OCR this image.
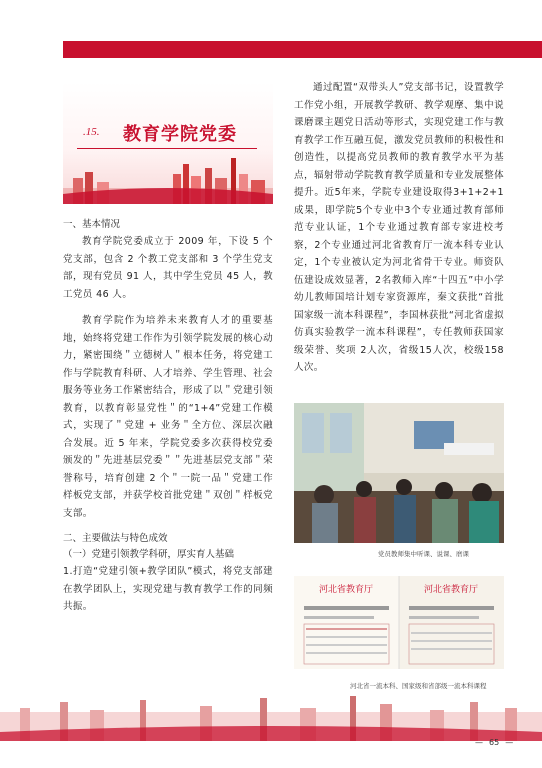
.15. 教育学院党委

一、基本情况

教育学院党委成立于 2009 年，下设 5 个党支部，包含 2 个教工党支部和 3 个学生党支部，现有党员 91 人，其中学生党员 45 人，教工党员 46 人。

教育学院作为培养未来教育人才的重要基地，始终将党建工作作为引领学院发展的核心动力，紧密围绕＂立德树人＂根本任务，将党建工作与学院教育科研、人才培养、学生管理、社会服务等业务工作紧密结合，形成了以＂党建引领教育，以教育彰显党性＂的“1+4”党建工作模式，实现了＂党建 + 业务＂全方位、深层次融合发展。近 5 年来，学院党委多次获得校党委颁发的＂先进基层党委＂＂先进基层党支部＂荣誉称号，培育创建 2 个＂一院一品＂党建工作样板党支部，并获学校首批党建＂双创＂样板党支部。

二、主要做法与特色成效

（一）党建引领教学科研，厚实育人基础

1.打造“党建引领+教学团队”模式，将党支部建在教学团队上，实现党建与教育教学工作的同频共振。

通过配置“双带头人”党支部书记，设置教学工作党小组，开展教学教研、教学观摩、集中说课磨课主题党日活动等形式，实现党建工作与教育教学工作互融互促，激发党员教师的积极性和创造性，以提高党员教师的教育教学水平为基点，辐射带动学院教育教学质量和专业发展整体提升。近5年来，学院专业建设取得3+1+2+1成果，即学院5个专业中3个专业通过教育部师范专业认证，1个专业通过教育部专家进校考察，2个专业通过河北省教育厅一流本科专业认定，1个专业被认定为河北省骨干专业。师资队伍建设成效显著，2名教师入库“十四五”中小学幼儿教师国培计划专家资源库，秦文获批“首批国家级一流本科课程”，李国林获批“河北省虚拟仿真实验教学一流本科课程”，专任教师获国家级荣誉、奖项 2人次，省级15人次，校级158人次。

党员教师集中听课、说课、磨课
河北省教育厅	河北省教育厅
河北省一流本科、国家级和省部级一流本科课程
— 65 —
